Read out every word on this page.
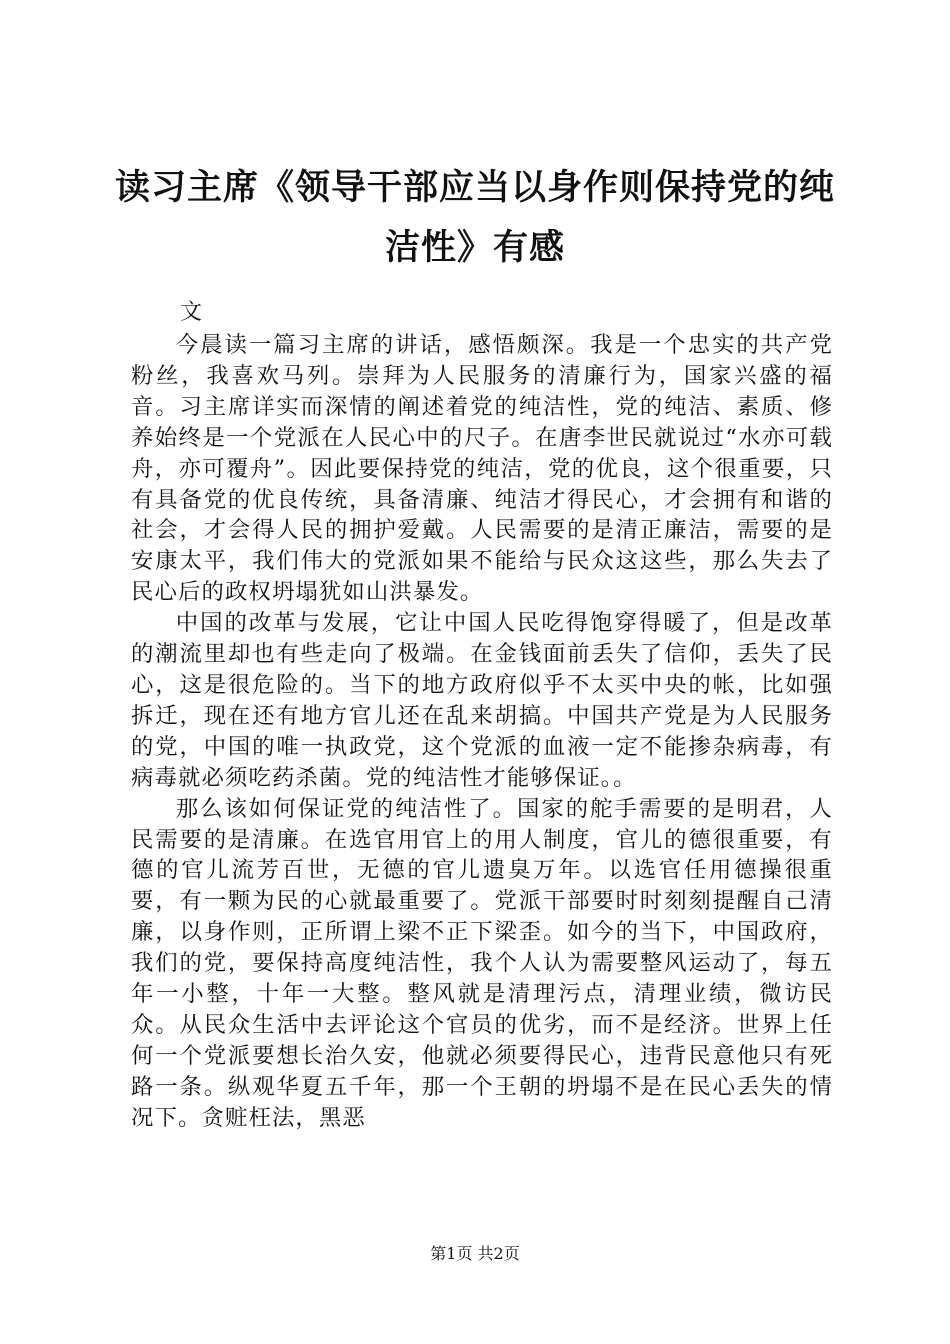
读习主席《领导干部应当以身作则保持党的纯
洁性》有感
文

今晨读一篇习主席的讲话，感悟颇深。我是一个忠实的共产党粉丝，我喜欢马列。崇拜为人民服务的清廉行为，国家兴盛的福音。习主席详实而深情的阐述着党的纯洁性，党的纯洁、素质、修养始终是一个党派在人民心中的尺子。在唐李世民就说过“水亦可载舟，亦可覆舟”。因此要保持党的纯洁，党的优良，这个很重要，只有具备党的优良传统，具备清廉、纯洁才得民心，才会拥有和谐的社会，才会得人民的拥护爱戴。人民需要的是清正廉洁，需要的是安康太平，我们伟大的党派如果不能给与民众这这些，那么失去了民心后的政权坍塌犹如山洪暴发。

中国的改革与发展，它让中国人民吃得饱穿得暖了，但是改革的潮流里却也有些走向了极端。在金钱面前丢失了信仰，丢失了民心，这是很危险的。当下的地方政府似乎不太买中央的帐，比如强拆迁，现在还有地方官儿还在乱来胡搞。中国共产党是为人民服务的党，中国的唯一执政党，这个党派的血液一定不能掺杂病毒，有病毒就必须吃药杀菌。党的纯洁性才能够保证。。

那么该如何保证党的纯洁性了。国家的舵手需要的是明君，人民需要的是清廉。在选官用官上的用人制度，官儿的德很重要，有德的官儿流芳百世，无德的官儿遗臭万年。以选官任用德操很重要，有一颗为民的心就最重要了。党派干部要时时刻刻提醒自己清廉，以身作则，正所谓上梁不正下梁歪。如今的当下，中国政府，我们的党，要保持高度纯洁性，我个人认为需要整风运动了，每五年一小整，十年一大整。整风就是清理污点，清理业绩，微访民众。从民众生活中去评论这个官员的优劣，而不是经济。世界上任何一个党派要想长治久安，他就必须要得民心，违背民意他只有死路一条。纵观华夏五千年，那一个王朝的坍塌不是在民心丢失的情况下。贪赃枉法，黑恶

第1页 共2页
